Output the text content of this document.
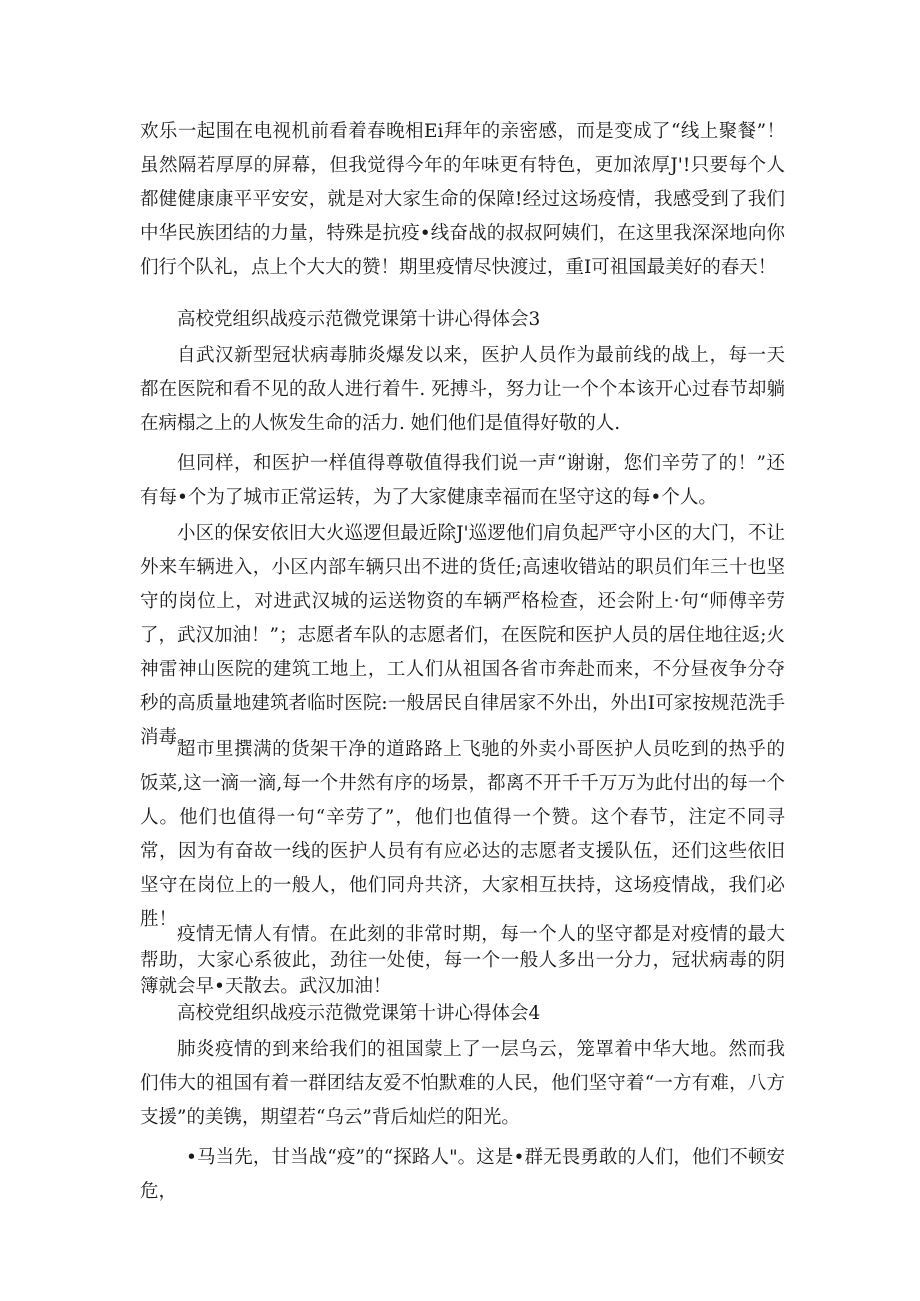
欢乐一起围在电视机前看着春晚相Ei拜年的亲密感，而是变成了“线上聚餐”！虽然隔若厚厚的屏幕，但我觉得今年的年味更有特色，更加浓厚J'!只要每个人都健健康康平平安安，就是对大家生命的保障!经过这场疫情，我感受到了我们中华民族团结的力量，特殊是抗疫•线奋战的叔叔阿姨们，在这里我深深地向你们行个队礼，点上个大大的赞！期里疫情尽快渡过，重I可祖国最美好的春天！

高校党组织战疫示范微党课第十讲心得体会3

自武汉新型冠状病毒肺炎爆发以来，医护人员作为最前线的战上，每一天都在医院和看不见的敌人进行着牛. 死搏斗，努力让一个个本该开心过春节却躺在病榻之上的人恢发生命的活力. 她们他们是值得好敬的人.

但同样，和医护一样值得尊敬值得我们说一声“谢谢，您们辛劳了的！”还有每•个为了城市正常运转，为了大家健康幸福而在坚守这的每•个人。

小区的保安依旧大火巡逻但最近除J'巡逻他们肩负起严守小区的大门，不让外来车辆进入，小区内部车辆只出不进的货任;高速收错站的职员们年三十也坚守的岗位上，对进武汉城的运送物资的车辆严格检查，还会附上·句“师傅辛劳了，武汉加油！”；志愿者车队的志愿者们，在医院和医护人员的居住地往返;火神雷神山医院的建筑工地上，工人们从祖国各省市奔赴而来，不分昼夜争分夺秒的高质量地建筑者临时医院:一般居民自律居家不外出，外出I可家按规范洗手消毒。

超市里撰满的货架干净的道路路上飞驰的外卖小哥医护人员吃到的热乎的饭菜,这一滴一滴,每一个井然有序的场景，都离不开千千万万为此付出的每一个人。他们也值得一句“辛劳了”，他们也值得一个赞。这个春节，注定不同寻常，因为有奋故一线的医护人员有有应必达的志愿者支援队伍，还们这些依旧坚守在岗位上的一般人，他们同舟共济，大家相互扶持，这场疫情战，我们必胜！

疫情无情人有情。在此刻的非常时期，每一个人的坚守都是对疫情的最大帮助，大家心系彼此，劲往一处使，每一个一般人多出一分力，冠状病毒的阴簿就会早•天散去。武汉加油！

高校党组织战疫示范微党课第十讲心得体会4

肺炎疫情的到来给我们的祖国蒙上了一层乌云，笼罩着中华大地。然而我们伟大的祖国有着一群团结友爱不怕默难的人民，他们坚守着“一方有难，八方支援”的美镌，期望若“乌云”背后灿烂的阳光。

•马当先，甘当战“疫”的“探路人"。这是•群无畏勇敢的人们，他们不顿安危，
